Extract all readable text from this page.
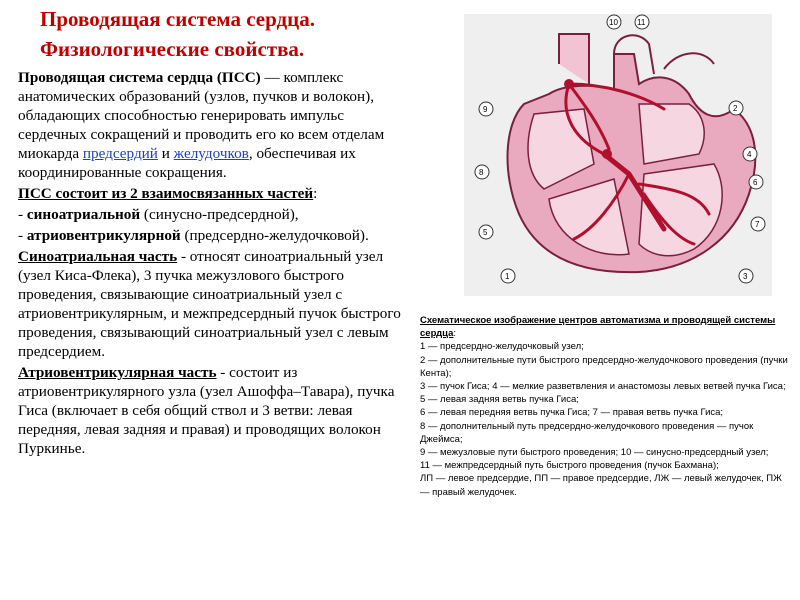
Проводящая система сердца.
Физиологические свойства.

Проводящая система сердца (ПСС) — комплекс анатомических образований (узлов, пучков и волокон), обладающих способностью генерировать импульс сердечных сокращений и проводить его ко всем отделам миокарда предсердий и желудочков, обеспечивая их координированные сокращения.

ПСС состоит из 2 взаимосвязанных частей:

- синоатриальной (синусно-предсердной),

- атриовентрикулярной (предсердно-желудочковой).

Синоатриальная часть - относят синоатриальный узел (узел Киса-Флека), 3 пучка межузлового быстрого проведения, связывающие синоатриальный узел с атриовентрикулярным, и межпредсердный пучок быстрого проведения, связывающий синоатриальный узел с левым предсердием.

Атриовентрикулярная часть - состоит из атриовентрикулярного узла (узел Ашоффа–Тавара), пучка Гиса (включает в себя общий ствол и 3 ветви: левая передняя, левая задняя и правая) и проводящих волокон Пуркинье.

9
10 11
2
4
8
6
7
5
1	3

Схематическое изображение центров автоматизма и проводящей системы сердца:

1 — предсердно-желудочковый узел;

2 — дополнительные пути быстрого предсердно-желудочкового проведения (пучки Кента);

3 — пучок Гиса; 4 — мелкие разветвления и анастомозы левых ветвей пучка Гиса; 5 — левая задняя ветвь пучка Гиса;

6 — левая передняя ветвь пучка Гиса; 7 — правая ветвь пучка Гиса;

8 — дополнительный путь предсердно-желудочкового проведения — пучок Джеймса;

9 — межузловые пути быстрого проведения; 10 — синусно-предсердный узел;

11 — межпредсердный путь быстрого проведения (пучок Бахмана);

ЛП — левое предсердие, ПП — правое предсердие, ЛЖ — левый желудочек, ПЖ — правый желудочек.
